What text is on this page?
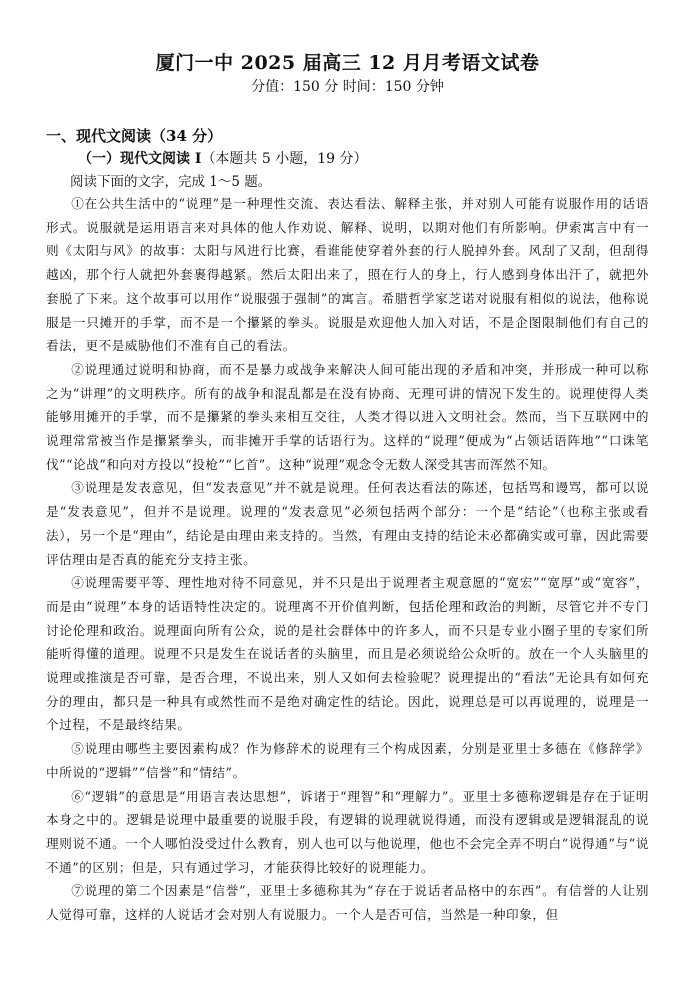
厦门一中 2025 届高三 12 月月考语文试卷
分值：150 分 时间：150 分钟
一、现代文阅读（34 分）
（一）现代文阅读 I（本题共 5 小题，19 分）
阅读下面的文字，完成 1～5 题。

①在公共生活中的“说理”是一种理性交流、表达看法、解释主张，并对别人可能有说服作用的话语形式。说服就是运用语言来对具体的他人作劝说、解释、说明，以期对他们有所影响。伊索寓言中有一则《太阳与风》的故事：太阳与风进行比赛，看谁能使穿着外套的行人脱掉外套。风刮了又刮，但刮得越凶，那个行人就把外套裹得越紧。然后太阳出来了，照在行人的身上，行人感到身体出汗了，就把外套脱了下来。这个故事可以用作“说服强于强制”的寓言。希腊哲学家芝诺对说服有相似的说法，他称说服是一只摊开的手掌，而不是一个攥紧的拳头。说服是欢迎他人加入对话，不是企图限制他们有自己的看法，更不是威胁他们不准有自己的看法。

②说理通过说明和协商，而不是暴力或战争来解决人间可能出现的矛盾和冲突，并形成一种可以称之为“讲理”的文明秩序。所有的战争和混乱都是在没有协商、无理可讲的情况下发生的。说理使得人类能够用摊开的手掌，而不是攥紧的拳头来相互交往，人类才得以进入文明社会。然而，当下互联网中的说理常常被当作是攥紧拳头，而非摊开手掌的话语行为。这样的“说理”便成为“占领话语阵地”“口诛笔伐”“论战”和向对方投以“投枪”“匕首”。这种“说理”观念令无数人深受其害而浑然不知。

③说理是发表意见，但“发表意见”并不就是说理。任何表达看法的陈述，包括骂和谩骂，都可以说是“发表意见”，但并不是说理。说理的“发表意见”必须包括两个部分：一个是“结论”（也称主张或看法），另一个是“理由”，结论是由理由来支持的。当然，有理由支持的结论未必都确实或可靠，因此需要评估理由是否真的能充分支持主张。

④说理需要平等、理性地对待不同意见，并不只是出于说理者主观意愿的“宽宏”“宽厚”或“宽容”，而是由“说理”本身的话语特性决定的。说理离不开价值判断，包括伦理和政治的判断，尽管它并不专门讨论伦理和政治。说理面向所有公众，说的是社会群体中的许多人，而不只是专业小圈子里的专家们所能听得懂的道理。说理不只是发生在说话者的头脑里，而且是必须说给公众听的。放在一个人头脑里的说理或推演是否可靠，是否合理，不说出来，别人又如何去检验呢？说理提出的“看法”无论具有如何充分的理由，都只是一种具有或然性而不是绝对确定性的结论。因此，说理总是可以再说理的，说理是一个过程，不是最终结果。

⑤说理由哪些主要因素构成？作为修辞术的说理有三个构成因素，分别是亚里士多德在《修辞学》中所说的“逻辑”“信誉”和“情结”。

⑥“逻辑”的意思是“用语言表达思想”，诉诸于“理智”和“理解力”。亚里士多德称逻辑是存在于证明本身之中的。逻辑是说理中最重要的说服手段，有逻辑的说理就说得通，而没有逻辑或是逻辑混乱的说理则说不通。一个人哪怕没受过什么教育，别人也可以与他说理，他也不会完全弄不明白“说得通”与“说不通”的区别；但是，只有通过学习，才能获得比较好的说理能力。

⑦说理的第二个因素是“信誉”，亚里士多德称其为“存在于说话者品格中的东西”。有信誉的人让别人觉得可靠，这样的人说话才会对别人有说服力。一个人是否可信，当然是一种印象，但
